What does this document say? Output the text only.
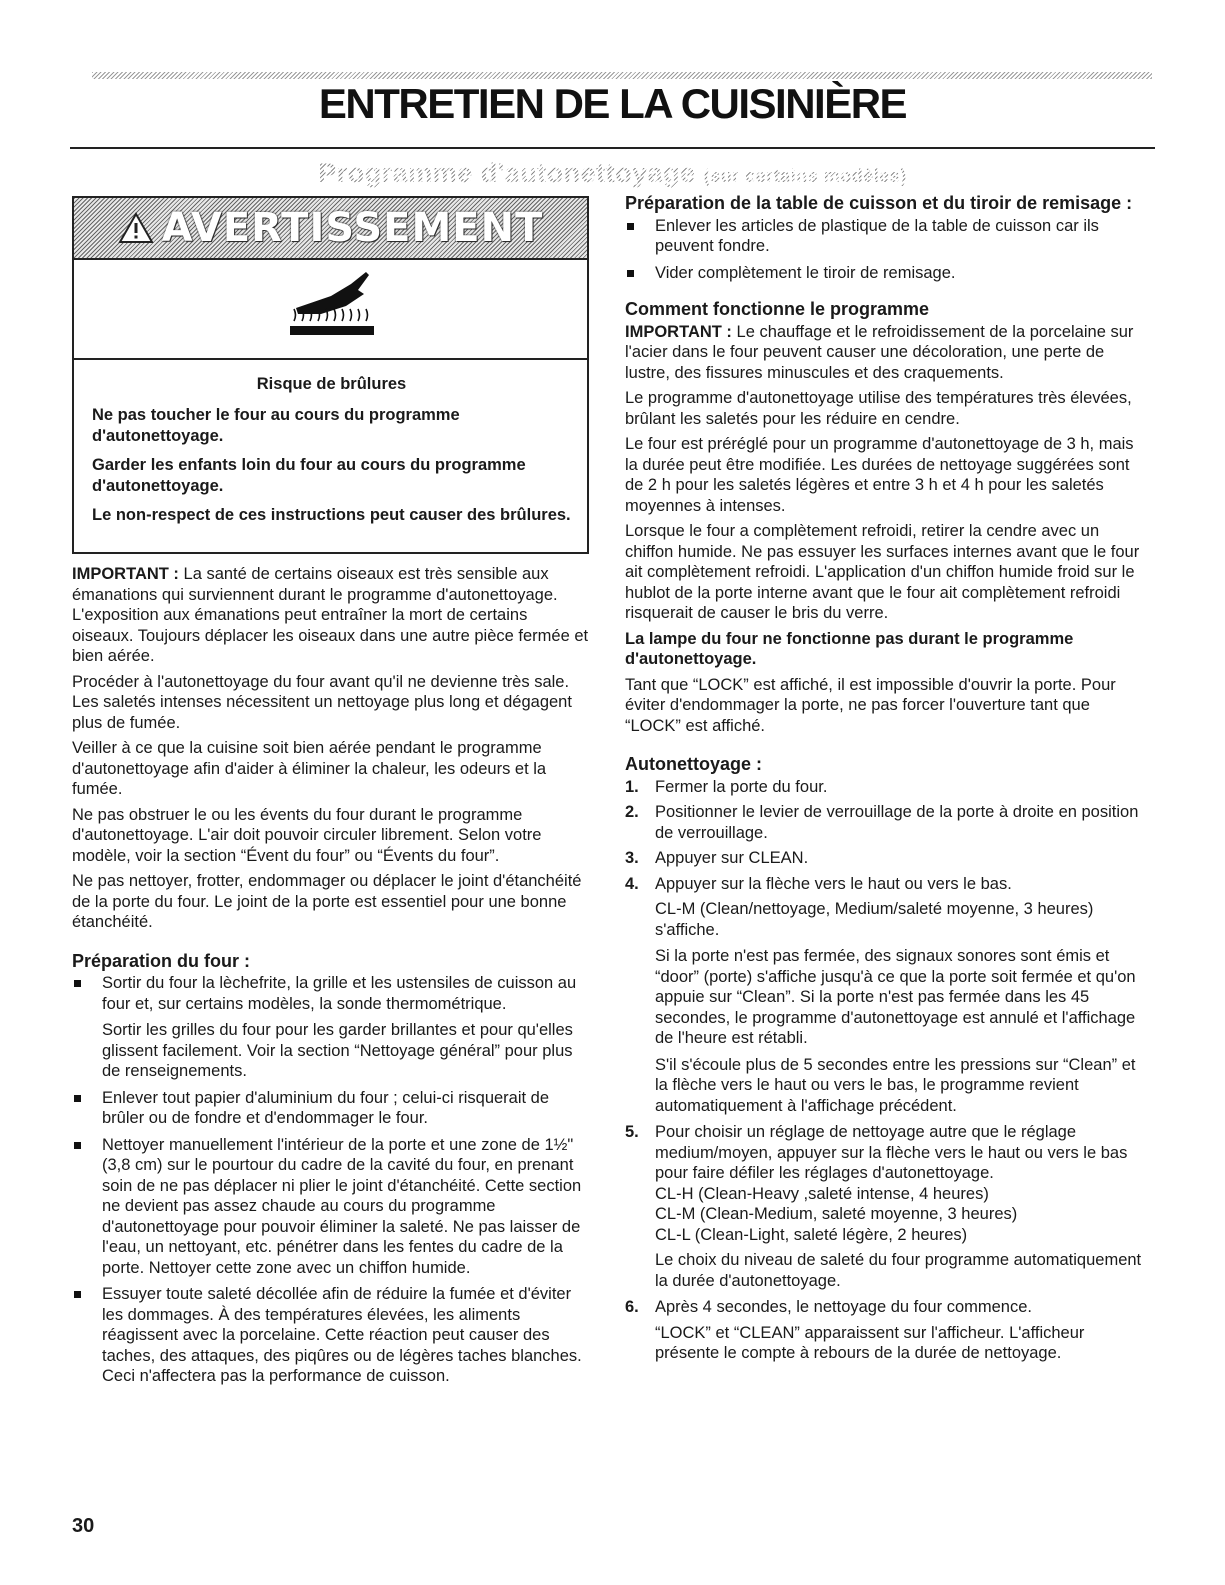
ENTRETIEN DE LA CUISINIÈRE
Programme d'autonettoyage (sur certains modèles)
AVERTISSEMENT

Risque de brûlures

Ne pas toucher le four au cours du programme d'autonettoyage.

Garder les enfants loin du four au cours du programme d'autonettoyage.

Le non-respect de ces instructions peut causer des brûlures.

IMPORTANT : La santé de certains oiseaux est très sensible aux émanations qui surviennent durant le programme d'autonettoyage. L'exposition aux émanations peut entraîner la mort de certains oiseaux. Toujours déplacer les oiseaux dans une autre pièce fermée et bien aérée.

Procéder à l'autonettoyage du four avant qu'il ne devienne très sale. Les saletés intenses nécessitent un nettoyage plus long et dégagent plus de fumée.

Veiller à ce que la cuisine soit bien aérée pendant le programme d'autonettoyage afin d'aider à éliminer la chaleur, les odeurs et la fumée.

Ne pas obstruer le ou les évents du four durant le programme d'autonettoyage. L'air doit pouvoir circuler librement. Selon votre modèle, voir la section “Évent du four” ou “Évents du four”.

Ne pas nettoyer, frotter, endommager ou déplacer le joint d'étanchéité de la porte du four. Le joint de la porte est essentiel pour une bonne étanchéité.

Préparation du four :

Sortir du four la lèchefrite, la grille et les ustensiles de cuisson au four et, sur certains modèles, la sonde thermométrique.

Sortir les grilles du four pour les garder brillantes et pour qu'elles glissent facilement. Voir la section “Nettoyage général” pour plus de renseignements.

Enlever tout papier d'aluminium du four ; celui-ci risquerait de brûler ou de fondre et d'endommager le four.

Nettoyer manuellement l'intérieur de la porte et une zone de 1½" (3,8 cm) sur le pourtour du cadre de la cavité du four, en prenant soin de ne pas déplacer ni plier le joint d'étanchéité. Cette section ne devient pas assez chaude au cours du programme d'autonettoyage pour pouvoir éliminer la saleté. Ne pas laisser de l'eau, un nettoyant, etc. pénétrer dans les fentes du cadre de la porte. Nettoyer cette zone avec un chiffon humide.

Essuyer toute saleté décollée afin de réduire la fumée et d'éviter les dommages. À des températures élevées, les aliments réagissent avec la porcelaine. Cette réaction peut causer des taches, des attaques, des piqûres ou de légères taches blanches. Ceci n'affectera pas la performance de cuisson.

Préparation de la table de cuisson et du tiroir de remisage :

Enlever les articles de plastique de la table de cuisson car ils peuvent fondre.

Vider complètement le tiroir de remisage.

Comment fonctionne le programme

IMPORTANT : Le chauffage et le refroidissement de la porcelaine sur l'acier dans le four peuvent causer une décoloration, une perte de lustre, des fissures minuscules et des craquements.

Le programme d'autonettoyage utilise des températures très élevées, brûlant les saletés pour les réduire en cendre.

Le four est préréglé pour un programme d'autonettoyage de 3 h, mais la durée peut être modifiée. Les durées de nettoyage suggérées sont de 2 h pour les saletés légères et entre 3 h et 4 h pour les saletés moyennes à intenses.

Lorsque le four a complètement refroidi, retirer la cendre avec un chiffon humide. Ne pas essuyer les surfaces internes avant que le four ait complètement refroidi. L'application d'un chiffon humide froid sur le hublot de la porte interne avant que le four ait complètement refroidi risquerait de causer le bris du verre.

La lampe du four ne fonctionne pas durant le programme d'autonettoyage.

Tant que “LOCK” est affiché, il est impossible d'ouvrir la porte. Pour éviter d'endommager la porte, ne pas forcer l'ouverture tant que “LOCK” est affiché.

Autonettoyage :
1. Fermer la porte du four.
2. Positionner le levier de verrouillage de la porte à droite en position de verrouillage.
3. Appuyer sur CLEAN.
4. Appuyer sur la flèche vers le haut ou vers le bas.

CL-M (Clean/nettoyage, Medium/saleté moyenne, 3 heures) s'affiche.

Si la porte n'est pas fermée, des signaux sonores sont émis et “door” (porte) s'affiche jusqu'à ce que la porte soit fermée et qu'on appuie sur “Clean”. Si la porte n'est pas fermée dans les 45 secondes, le programme d'autonettoyage est annulé et l'affichage de l'heure est rétabli.

S'il s'écoule plus de 5 secondes entre les pressions sur “Clean” et la flèche vers le haut ou vers le bas, le programme revient automatiquement à l'affichage précédent.

5. Pour choisir un réglage de nettoyage autre que le réglage medium/moyen, appuyer sur la flèche vers le haut ou vers le bas pour faire défiler les réglages d'autonettoyage.
CL-H (Clean-Heavy ,saleté intense, 4 heures)
CL-M (Clean-Medium, saleté moyenne, 3 heures)
CL-L (Clean-Light, saleté légère, 2 heures)

Le choix du niveau de saleté du four programme automatiquement la durée d'autonettoyage.

6. Après 4 secondes, le nettoyage du four commence.

“LOCK” et “CLEAN” apparaissent sur l'afficheur. L'afficheur présente le compte à rebours de la durée de nettoyage.

30
